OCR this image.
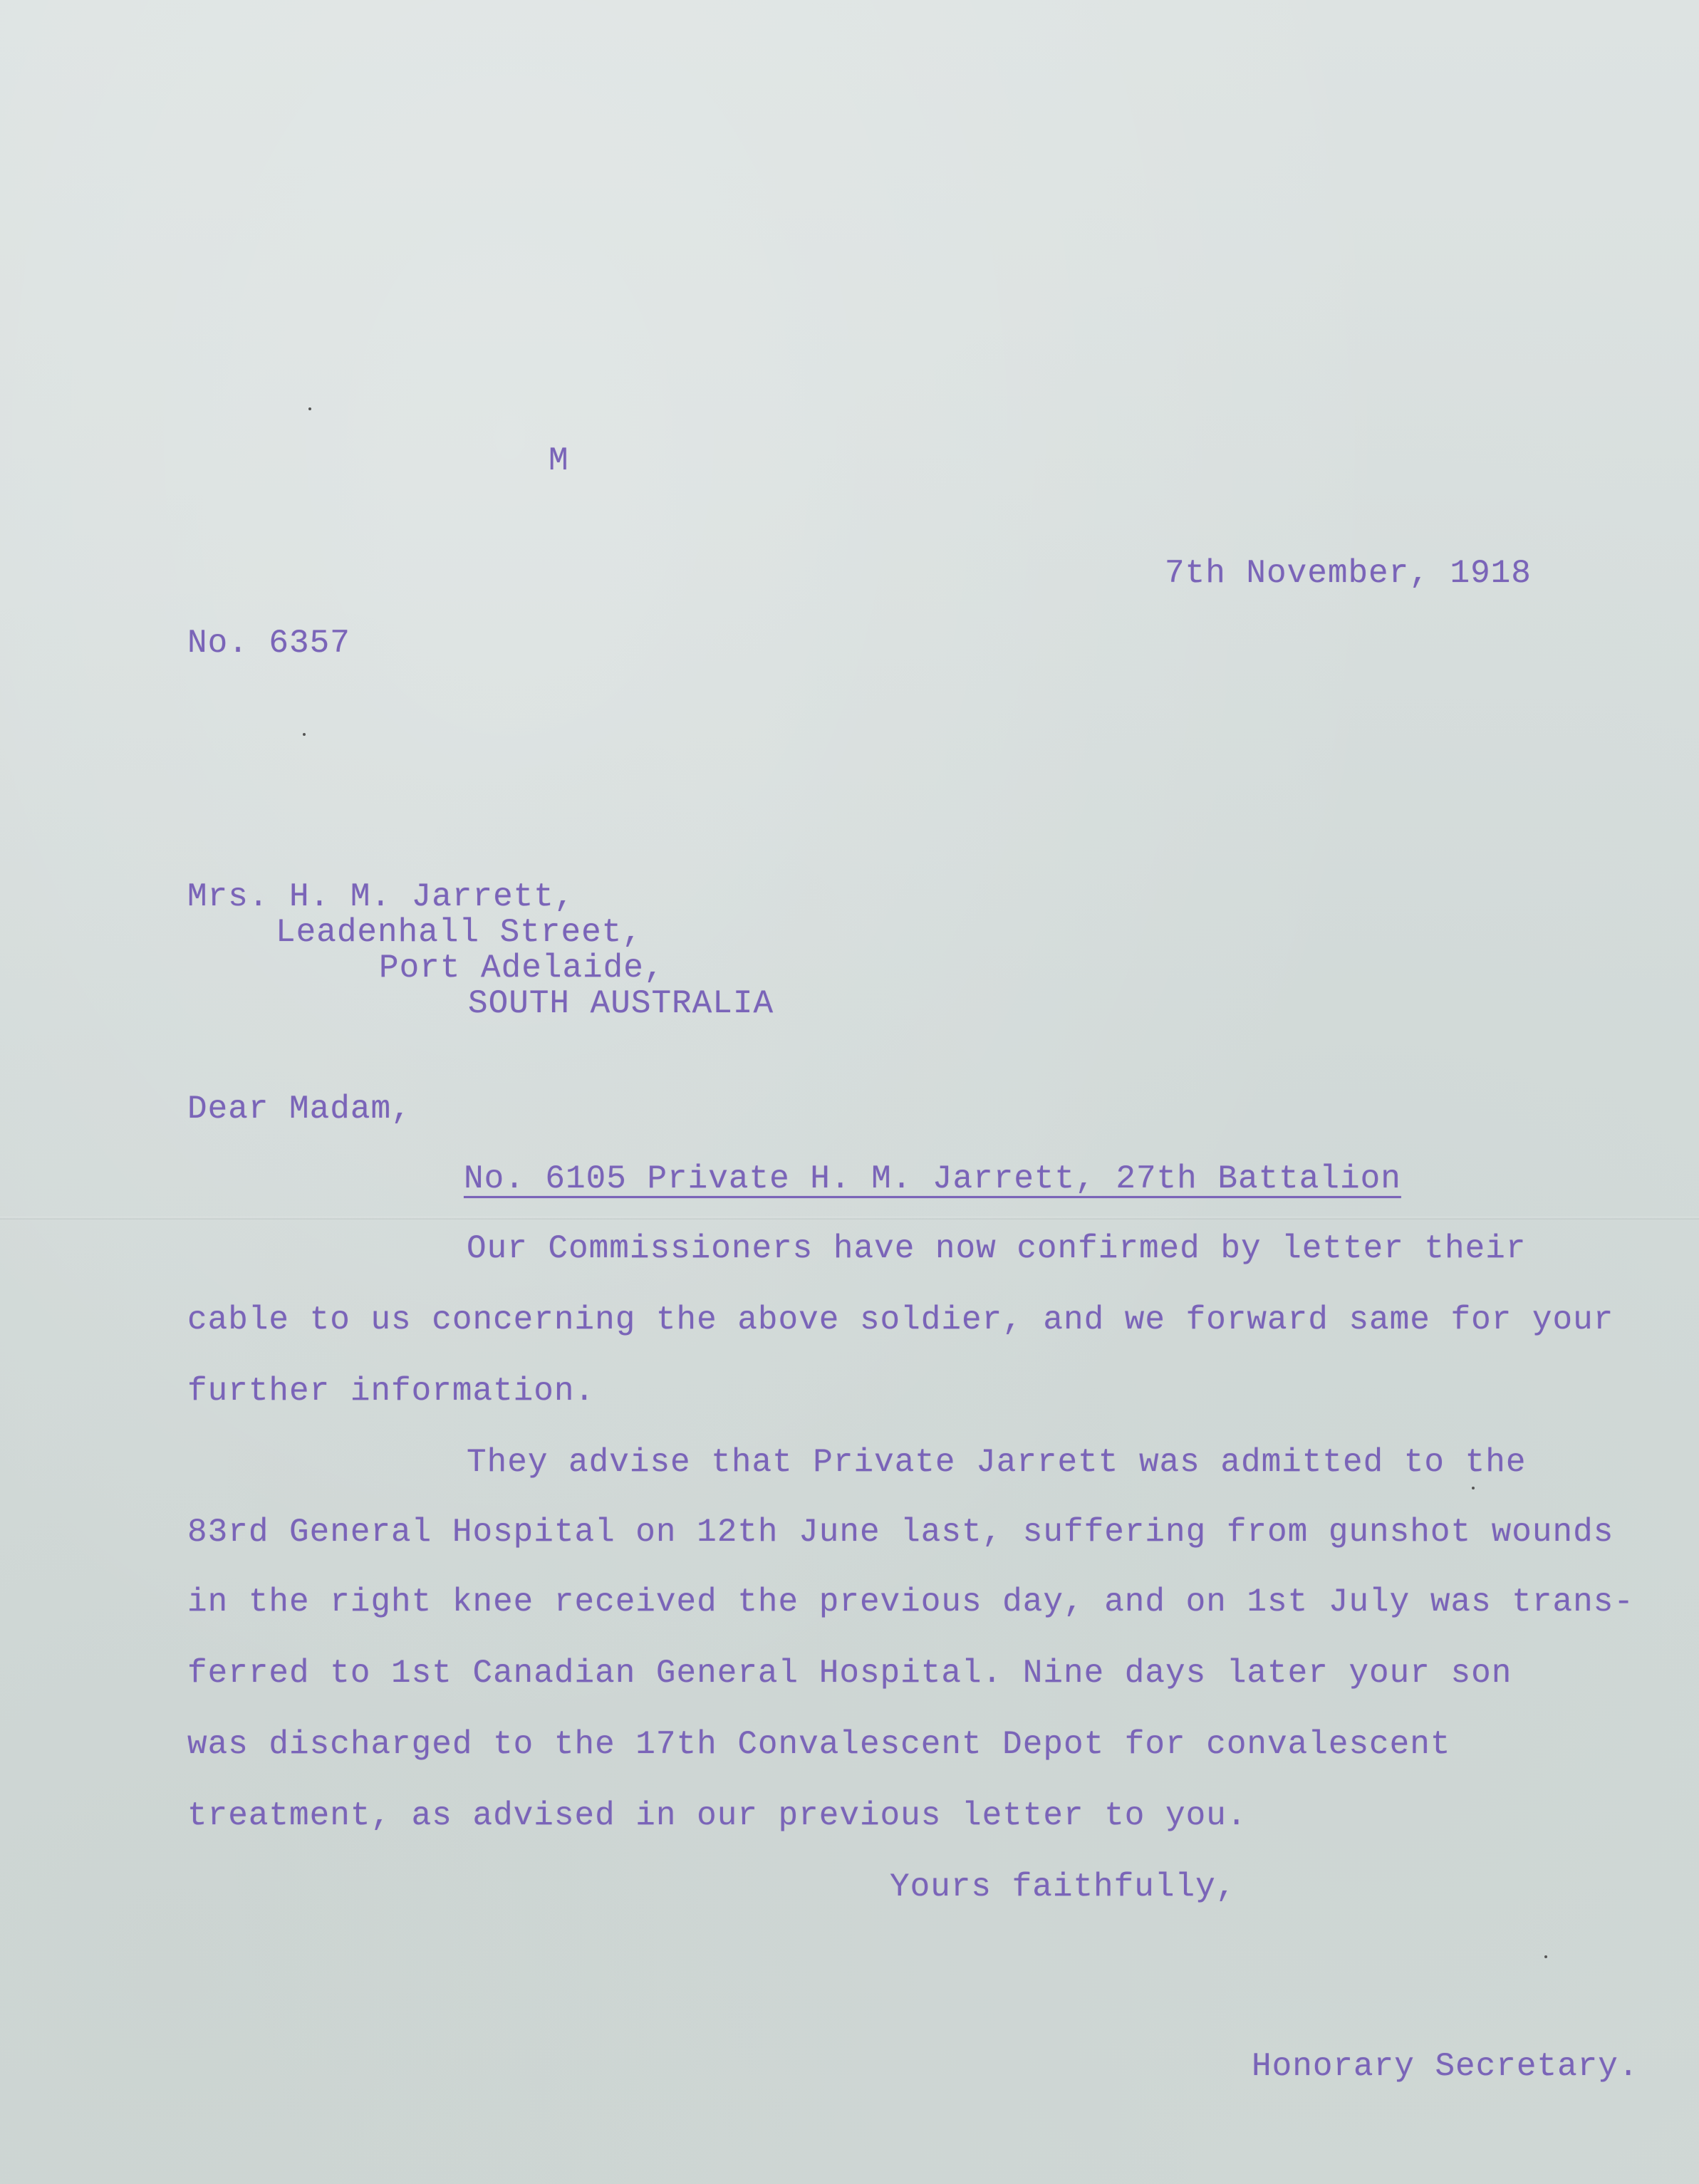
M
7th November, 1918
No. 6357
Mrs. H. M. Jarrett,
Leadenhall Street,
Port Adelaide,
SOUTH AUSTRALIA
Dear Madam,
No. 6105 Private H. M. Jarrett, 27th Battalion
Our Commissioners have now confirmed by letter their
cable to us concerning the above soldier, and we forward same for your
further information.
They advise that Private Jarrett was admitted to the
83rd General Hospital on 12th June last, suffering from gunshot wounds
in the right knee received the previous day, and on 1st July was trans-
ferred to 1st Canadian General Hospital. Nine days later your son
was discharged to the 17th Convalescent Depot for convalescent
treatment, as advised in our previous letter to you.
Yours faithfully,
Honorary Secretary.
